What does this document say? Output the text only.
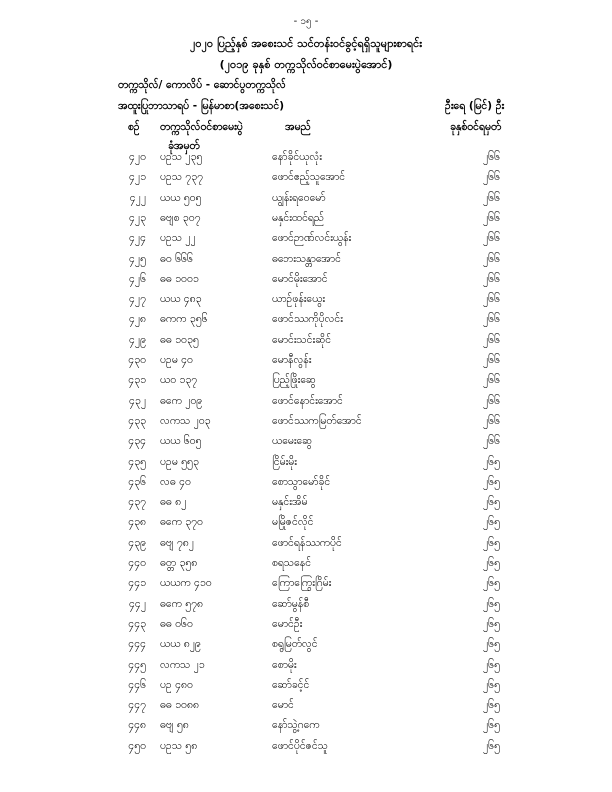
- ၁၅ -
၂၀၂၀ ပြည့်နှစ် အစေးသင် သင်တန်းဝင်ခွင့်ရရှိသူများစာရင်း
(၂၀၁၉ ခုနှစ် တက္ကသိုလ်ဝင်စာမေးပွဲအောင်)
တက္ကသိုလ်/ ကောလိပ် - ဆောင်ပွတက္ကသိုလ်
အထူးပြုဘာသာရပ် - မြန်မာစာ(အစေးသင်)	ဦးရေ (မြင်) ဦး
စဉ် တက္ကသိုလ်ဝင်စာမေးပွဲ
ခုံအမှတ်
အမည်	ခုနှစ်ဝင်ရမှတ်
၄၂၀ ပဥသ ၂၃၅	နော်ခိုင်ယုလုံး	၂၆၆
၄၂၁ ပဥသ ၇၃၇	ဖောင်ဧည့်သူအောင်	၂၆၆
၄၂၂ ယယ ၅၀၅	ယျွန်းရဝေမော်	၂၆၆
၄၂၃ ဓဗျစ ၃၀၇	မနှင်းထင်ရည်	၂၆၆
၄၂၄ ပဥသ ၂၂	ဖောင်ဉာဏ်လင်းယွန်း	၂၆၆
၄၂၅ ဓ၀ ၆၆၆	ဓဘေးသန္တာအောင်	၂၆၆
၄၂၆ ဓဓ ၁၀၀၁	မောင်မိုးအောင်	၂၆၆
၄၂၇ ယယ ၄၈၃	ယာဉ်ဖုန်းယွေး	၂၆၆
၄၂၈ ဓကက ၃၅၆	ဖောင်ဿကိုပိုလင်း	၂၆၆
၄၂၉ ဓဓ ၁၀၃၅	မောင်းသင်းဆိုင်	၂၆၆
၄၃၀ ပဥမ ၄၀	မောနီလွန်း	၂၆၆
၄၃၁ ယ၀ ၁၃၇	ပြည့်ဖြိုးဆွေ	၂၆၆
၄၃၂ ဓကေ ၂၀၉	ဖောင်နောင်းအောင်	၂၆၆
၄၃၃ လကသ ၂၀၃	ဖောင်ဿကမြတ်အောင်	၂၆၆
၄၃၄ ယယ ၆၀၅	ယမေးဆွေ	၂၆၆
၄၃၅ ပဥမ ၅၅၃	ငြိမ်းမိုး	၂၆၅
၄၃၆ လဓ ၄၀	စောသွာမော်ခိုင်	၂၆၅
၄၃၇ ဓဓ ၈၂	မနှင်းအိမ်	၂၆၅
၄၃၈ ဓကေ ၃၇၀	မမြိုဇင်လိုင်	၂၆၅
၄၃၉ ဓဗျ ၇၈၂	ဖောင်ရန်ဿကပိုင်	၂၆၅
၄၄၀ ဓတ္တ ၃၅၈	စရသနေင်	၂၆၅
၄၄၁ ယယက ၄၁၀	ကြောကြွေးဂြိမ်း	၂၆၅
၄၄၂ ဓကေ ၅၇၈	ဆော်မွန်စီ	၂၆၅
၄၄၃ ဓဓ ၀၆၀	မောင်ဦး	၂၆၅
၄၄၄ ယယ ၈၂၉	စရွမြတ်လွင်	၂၆၅
၄၄၅ လကသ ၂၁	စောမိုး	၂၆၅
၄၄၆ ပဥ ၄၈၀	ဆော်ခင့်င်	၂၆၅
၄၄၇ ဓဓ ၁၀၈၈	မောင်	၂၆၅
၄၄၈ ဓဗျ ၅၈	နော်သွဲ့ဂကေ	၂၆၅
၄၅၀ ပဥသ ၅၈	ဖောင်ပိုင်ဇင်သူ	၂၆၅
